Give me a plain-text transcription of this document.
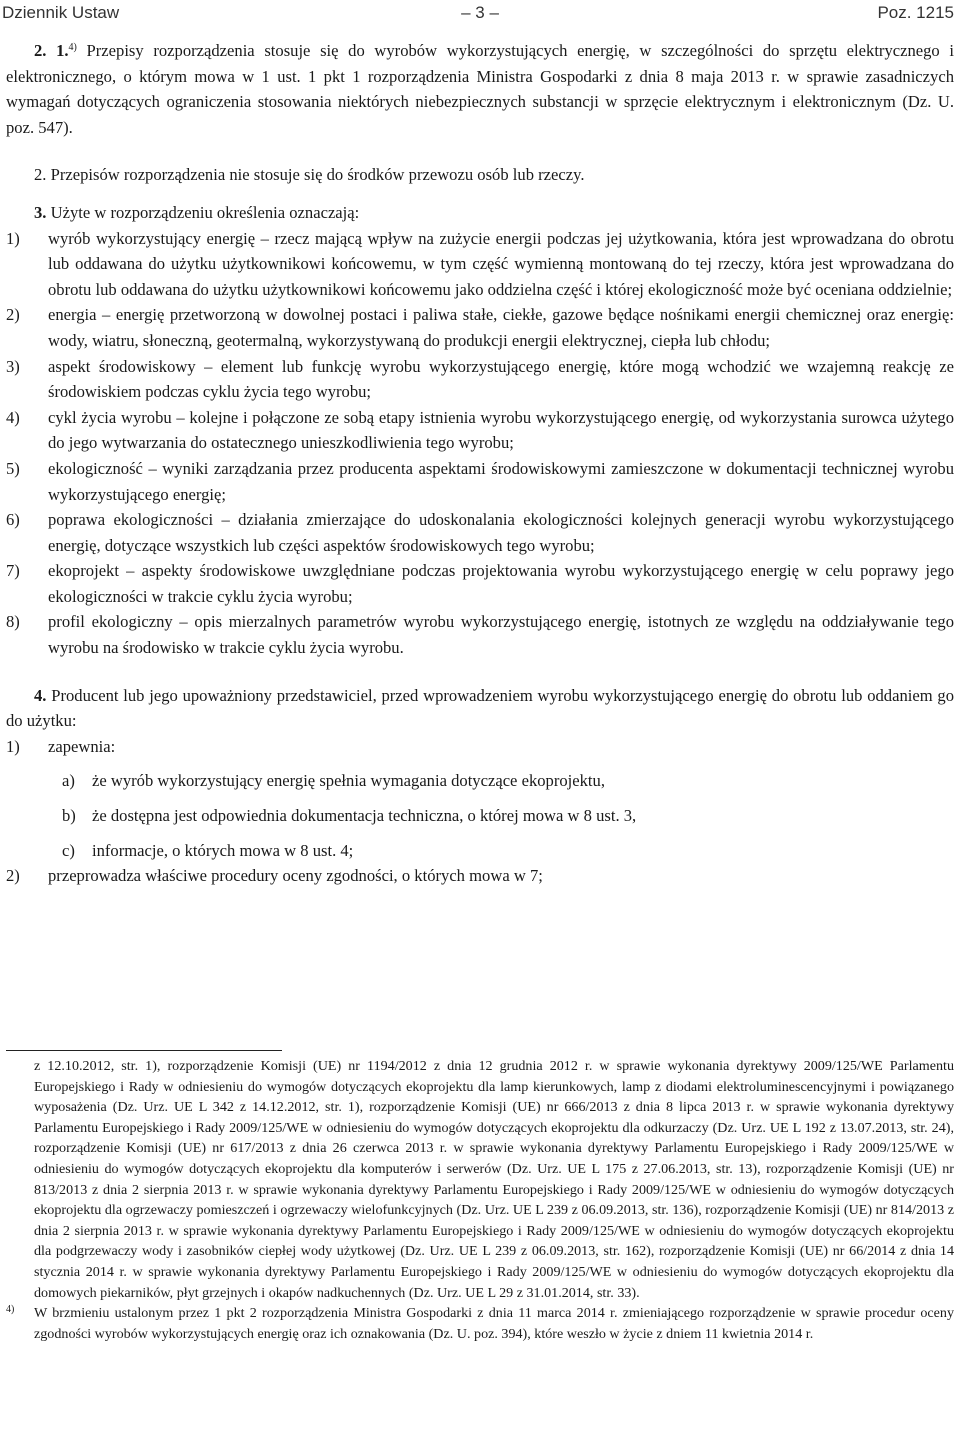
Dziennik Ustaw	– 3 –	Poz. 1215

2. 1.$^{4)}$ Przepisy rozporządzenia stosuje się do wyrobów wykorzystujących energię, w szczególności do sprzętu elektrycznego i elektronicznego, o którym mowa w 1 ust. 1 pkt 1 rozporządzenia Ministra Gospodarki z dnia 8 maja 2013 r. w sprawie zasadniczych wymagań dotyczących ograniczenia stosowania niektórych niebezpiecznych substancji w sprzęcie elektrycznym i elektronicznym (Dz. U. poz. 547).

2. Przepisów rozporządzenia nie stosuje się do środków przewozu osób lub rzeczy.

3. Użyte w rozporządzeniu określenia oznaczają:

1)	wyrób wykorzystujący energię – rzecz mającą wpływ na zużycie energii podczas jej użytkowania, która jest wprowadzana do obrotu lub oddawana do użytku użytkownikowi końcowemu, w tym część wymienną montowaną do tej rzeczy, która jest wprowadzana do obrotu lub oddawana do użytku użytkownikowi końcowemu jako oddzielna część i której ekologiczność może być oceniana oddzielnie;
2)	energia – energię przetworzoną w dowolnej postaci i paliwa stałe, ciekłe, gazowe będące nośnikami energii chemicznej oraz energię: wody, wiatru, słoneczną, geotermalną, wykorzystywaną do produkcji energii elektrycznej, ciepła lub chłodu;
3)	aspekt środowiskowy – element lub funkcję wyrobu wykorzystującego energię, które mogą wchodzić we wzajemną reakcję ze środowiskiem podczas cyklu życia tego wyrobu;
4)	cykl życia wyrobu – kolejne i połączone ze sobą etapy istnienia wyrobu wykorzystującego energię, od wykorzystania surowca użytego do jego wytwarzania do ostatecznego unieszkodliwienia tego wyrobu;
5)	ekologiczność – wyniki zarządzania przez producenta aspektami środowiskowymi zamieszczone w dokumentacji technicznej wyrobu wykorzystującego energię;
6)	poprawa ekologiczności – działania zmierzające do udoskonalania ekologiczności kolejnych generacji wyrobu wykorzystującego energię, dotyczące wszystkich lub części aspektów środowiskowych tego wyrobu;
7)	ekoprojekt – aspekty środowiskowe uwzględniane podczas projektowania wyrobu wykorzystującego energię w celu poprawy jego ekologiczności w trakcie cyklu życia wyrobu;
8)	profil ekologiczny – opis mierzalnych parametrów wyrobu wykorzystującego energię, istotnych ze względu na oddziaływanie tego wyrobu na środowisko w trakcie cyklu życia wyrobu.

4. Producent lub jego upoważniony przedstawiciel, przed wprowadzeniem wyrobu wykorzystującego energię do obrotu lub oddaniem go do użytku:

1)	zapewnia:
a)	że wyrób wykorzystujący energię spełnia wymagania dotyczące ekoprojektu,
b) że dostępna jest odpowiednia dokumentacja techniczna, o której mowa w 8 ust. 3,
c)	informacje, o których mowa w 8 ust. 4;
2)	przeprowadza właściwe procedury oceny zgodności, o których mowa w 7;
z 12.10.2012, str. 1), rozporządzenie Komisji (UE) nr 1194/2012 z dnia 12 grudnia 2012 r. w sprawie wykonania dyrektywy 2009/125/WE Parlamentu Europejskiego i Rady w odniesieniu do wymogów dotyczących ekoprojektu dla lamp kierunkowych, lamp z diodami elektroluminescencyjnymi i powiązanego wyposażenia (Dz. Urz. UE L 342 z 14.12.2012, str. 1), rozporządzenie Komisji (UE) nr 666/2013 z dnia 8 lipca 2013 r. w sprawie wykonania dyrektywy Parlamentu Europejskiego i Rady 2009/125/WE w odniesieniu do wymogów dotyczących ekoprojektu dla odkurzaczy (Dz. Urz. UE L 192 z 13.07.2013, str. 24), rozporządzenie Komisji (UE) nr 617/2013 z dnia 26 czerwca 2013 r. w sprawie wykonania dyrektywy Parlamentu Europejskiego i Rady 2009/125/WE w odniesieniu do wymogów dotyczących ekoprojektu dla komputerów i serwerów (Dz. Urz. UE L 175 z 27.06.2013, str. 13), rozporządzenie Komisji (UE) nr 813/2013 z dnia 2 sierpnia 2013 r. w sprawie wykonania dyrektywy Parlamentu Europejskiego i Rady 2009/125/WE w odniesieniu do wymogów dotyczących ekoprojektu dla ogrzewaczy pomieszczeń i ogrzewaczy wielofunkcyjnych (Dz. Urz. UE L 239 z 06.09.2013, str. 136), rozporządzenie Komisji (UE) nr 814/2013 z dnia 2 sierpnia 2013 r. w sprawie wykonania dyrektywy Parlamentu Europejskiego i Rady 2009/125/WE w odniesieniu do wymogów dotyczących ekoprojektu dla podgrzewaczy wody i zasobników ciepłej wody użytkowej (Dz. Urz. UE L 239 z 06.09.2013, str. 162), rozporządzenie Komisji (UE) nr 66/2014 z dnia 14 stycznia 2014 r. w sprawie wykonania dyrektywy Parlamentu Europejskiego i Rady 2009/125/WE w odniesieniu do wymogów dotyczących ekoprojektu dla domowych piekarników, płyt grzejnych i okapów nadkuchennych (Dz. Urz. UE L 29 z 31.01.2014, str. 33).
4)	W brzmieniu ustalonym przez 1 pkt 2 rozporządzenia Ministra Gospodarki z dnia 11 marca 2014 r. zmieniającego rozporządzenie w sprawie procedur oceny zgodności wyrobów wykorzystujących energię oraz ich oznakowania (Dz. U. poz. 394), które weszło w życie z dniem 11 kwietnia 2014 r.
